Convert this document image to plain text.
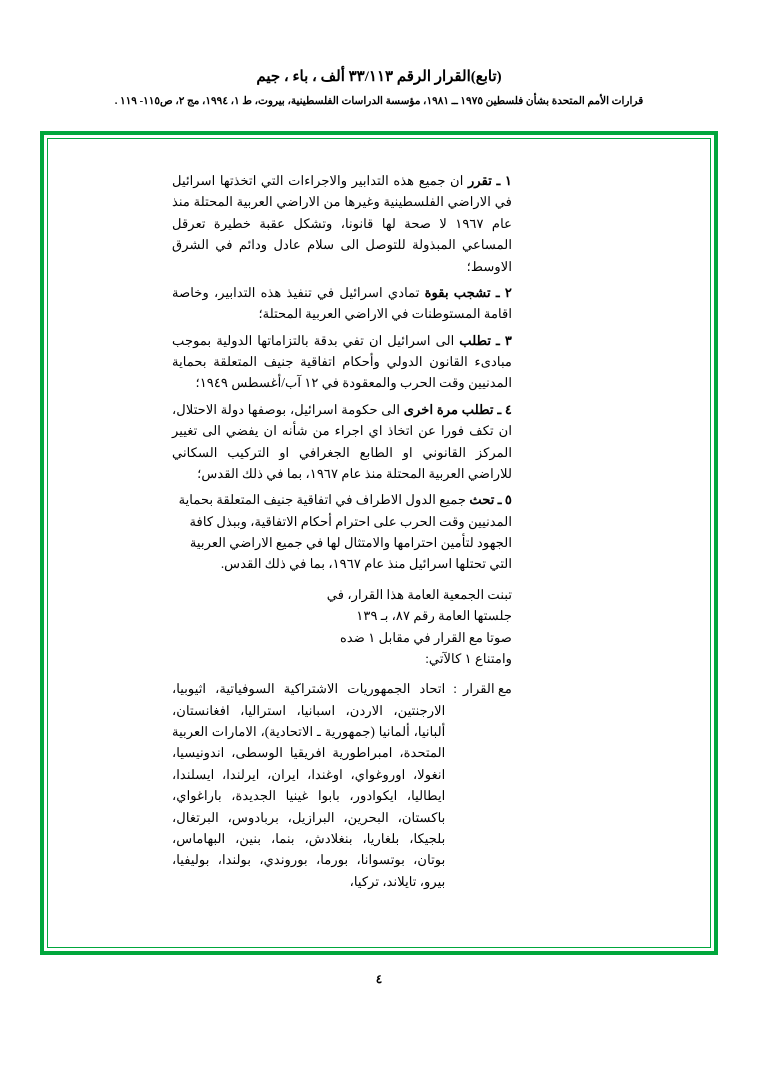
(تابع)القرار الرقم ٣٣/١١٣ ألف ، باء ، جيم
قرارات الأمم المتحدة بشأن فلسطين ١٩٧٥ ــ ١٩٨١، مؤسسة الدراسات الفلسطينية، بيروت، ط ١، ١٩٩٤، مج ٢، ص١١٥- ١١٩ .

١ ـ تقرر ان جميع هذه التدابير والاجراءات التي اتخذتها اسرائيل في الاراضي الفلسطينية وغيرها من الاراضي العربية المحتلة منذ عام ١٩٦٧ لا صحة لها قانونا، وتشكل عقبة خطيرة تعرقل المساعي المبذولة للتوصل الى سلام عادل ودائم في الشرق الاوسط؛

٢ ـ تشجب بقوة تمادي اسرائيل في تنفيذ هذه التدابير، وخاصة اقامة المستوطنات في الاراضي العربية المحتلة؛

٣ ـ تطلب الى اسرائيل ان تفي بدقة بالتزاماتها الدولية بموجب مبادىء القانون الدولي وأحكام اتفاقية جنيف المتعلقة بحماية المدنيين وقت الحرب والمعقودة في ١٢ آب/أغسطس ١٩٤٩؛

٤ ـ تطلب مرة اخرى الى حكومة اسرائيل، بوصفها دولة الاحتلال، ان تكف فورا عن اتخاذ اي اجراء من شأنه ان يفضي الى تغيير المركز القانوني او الطابع الجغرافي او التركيب السكاني للاراضي العربية المحتلة منذ عام ١٩٦٧، بما في ذلك القدس؛

٥ ـ تحث جميع الدول الاطراف في اتفاقية جنيف المتعلقة بحماية المدنيين وقت الحرب على احترام أحكام الاتفاقية، وببذل كافة الجهود لتأمين احترامها والامتثال لها في جميع الاراضي العربية التي تحتلها اسرائيل منذ عام ١٩٦٧، بما في ذلك القدس.

تبنت الجمعية العامة هذا القرار، في

جلستها العامة رقم ٨٧، بـ ١٣٩

صوتا مع القرار في مقابل ١ ضده

وامتناع ١ كالآتي:

مع القرار
:
اتحاد الجمهوريات الاشتراكية السوفياتية، اثيوبيا، الارجنتين، الاردن، اسبانيا، استراليا، افغانستان، ألبانيا، ألمانيا (جمهورية ـ الاتحادية)، الامارات العربية المتحدة، امبراطورية افريقيا الوسطى، اندونيسيا، انغولا، اوروغواي، اوغندا، ايران، ايرلندا، ايسلندا، ايطاليا، ايكوادور، بابوا غينيا الجديدة، باراغواي، باكستان، البحرين، البرازيل، بربادوس، البرتغال، بلجيكا، بلغاريا، بنغلادش، بنما، بنين، البهاماس، بوتان، بوتسوانا، بورما، بوروندي، بولندا، بوليفيا، بيرو، تايلاند، تركيا،
٤
